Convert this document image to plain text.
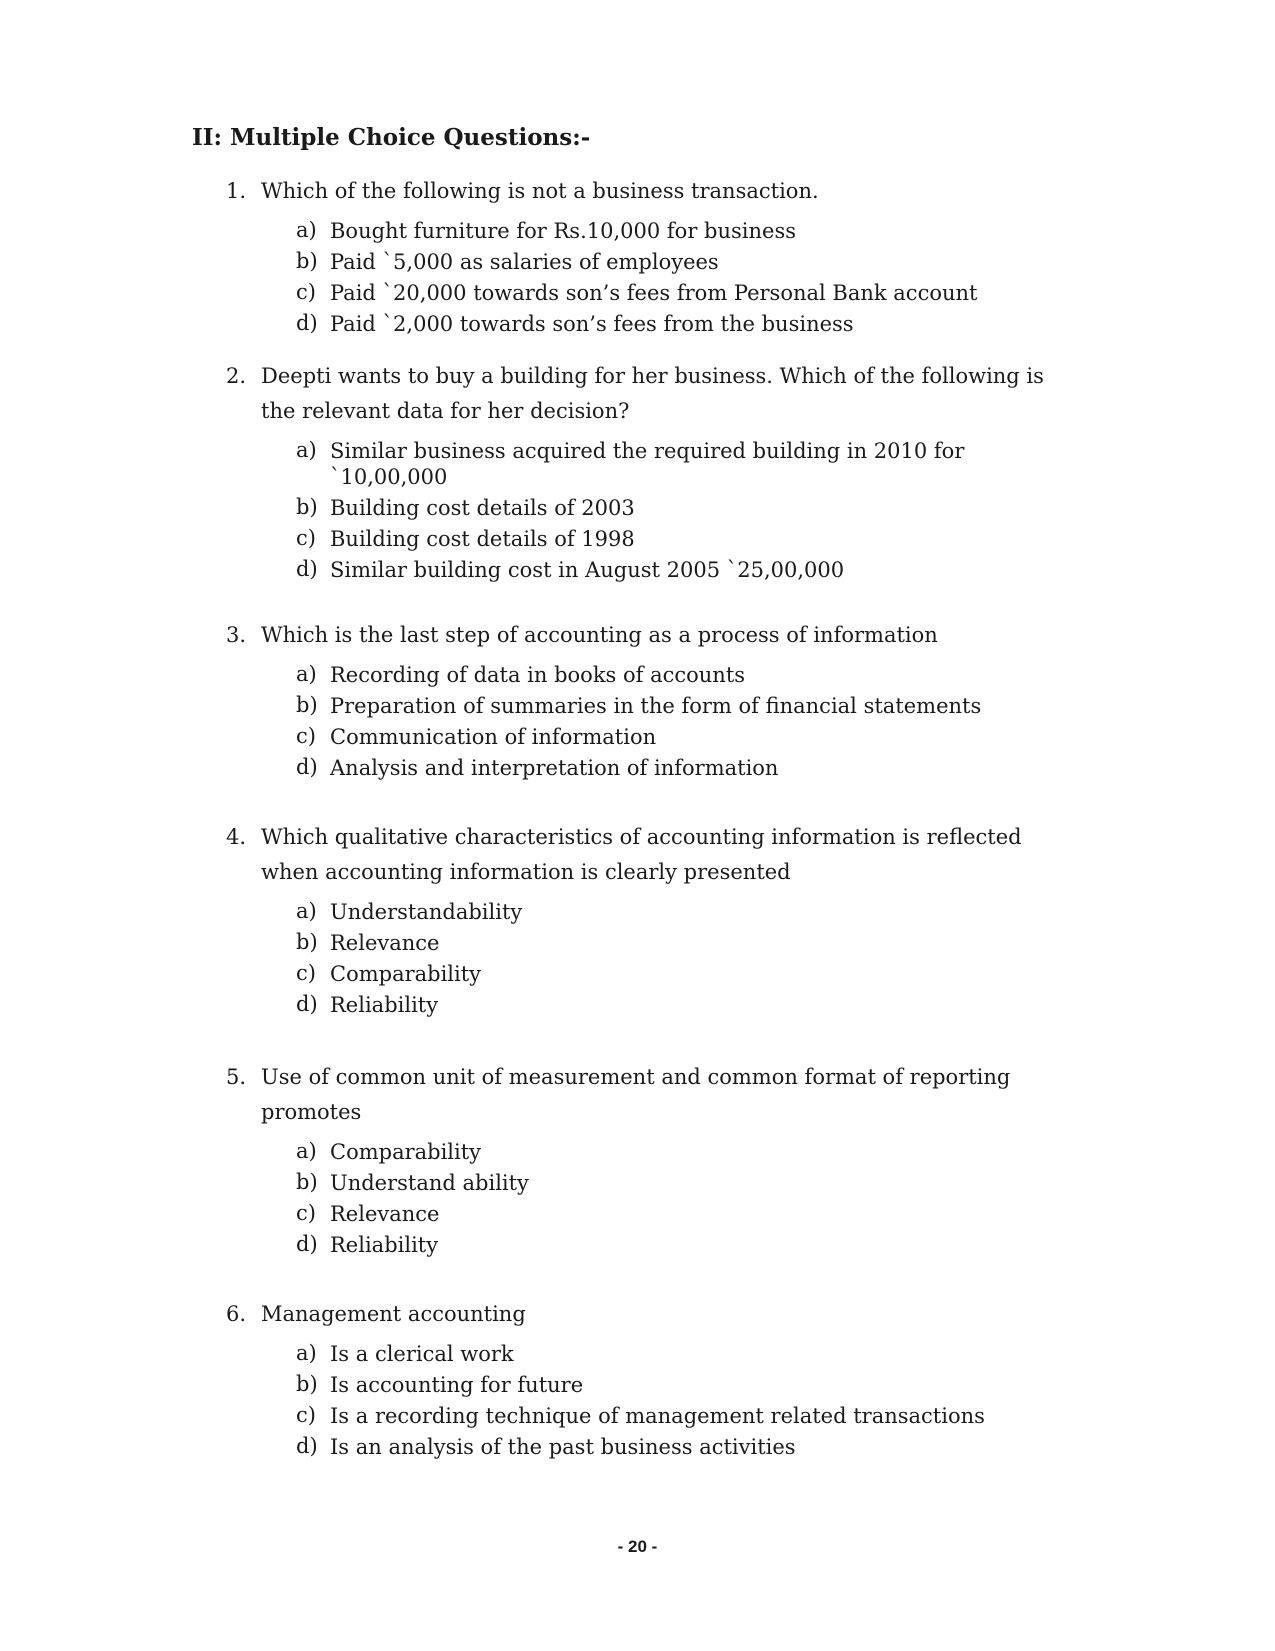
II: Multiple Choice Questions:-
1. Which of the following is not a business transaction.
a) Bought furniture for Rs.10,000 for business
b) Paid `5,000 as salaries of employees
c) Paid `20,000 towards son’s fees from Personal Bank account
d) Paid `2,000 towards son’s fees from the business
2. Deepti wants to buy a building for her business. Which of the following is the relevant data for her decision?
a) Similar business acquired the required building in 2010 for `10,00,000
b) Building cost details of 2003
c) Building cost details of 1998
d) Similar building cost in August 2005 `25,00,000
3. Which is the last step of accounting as a process of information
a) Recording of data in books of accounts
b) Preparation of summaries in the form of financial statements
c) Communication of information
d) Analysis and interpretation of information
4. Which qualitative characteristics of accounting information is reflected when accounting information is clearly presented
a) Understandability
b) Relevance
c) Comparability
d) Reliability
5. Use of common unit of measurement and common format of reporting promotes
a) Comparability
b) Understand ability
c) Relevance
d) Reliability
6. Management accounting
a) Is a clerical work
b) Is accounting for future
c) Is a recording technique of management related transactions
d) Is an analysis of the past business activities
- 20 -
